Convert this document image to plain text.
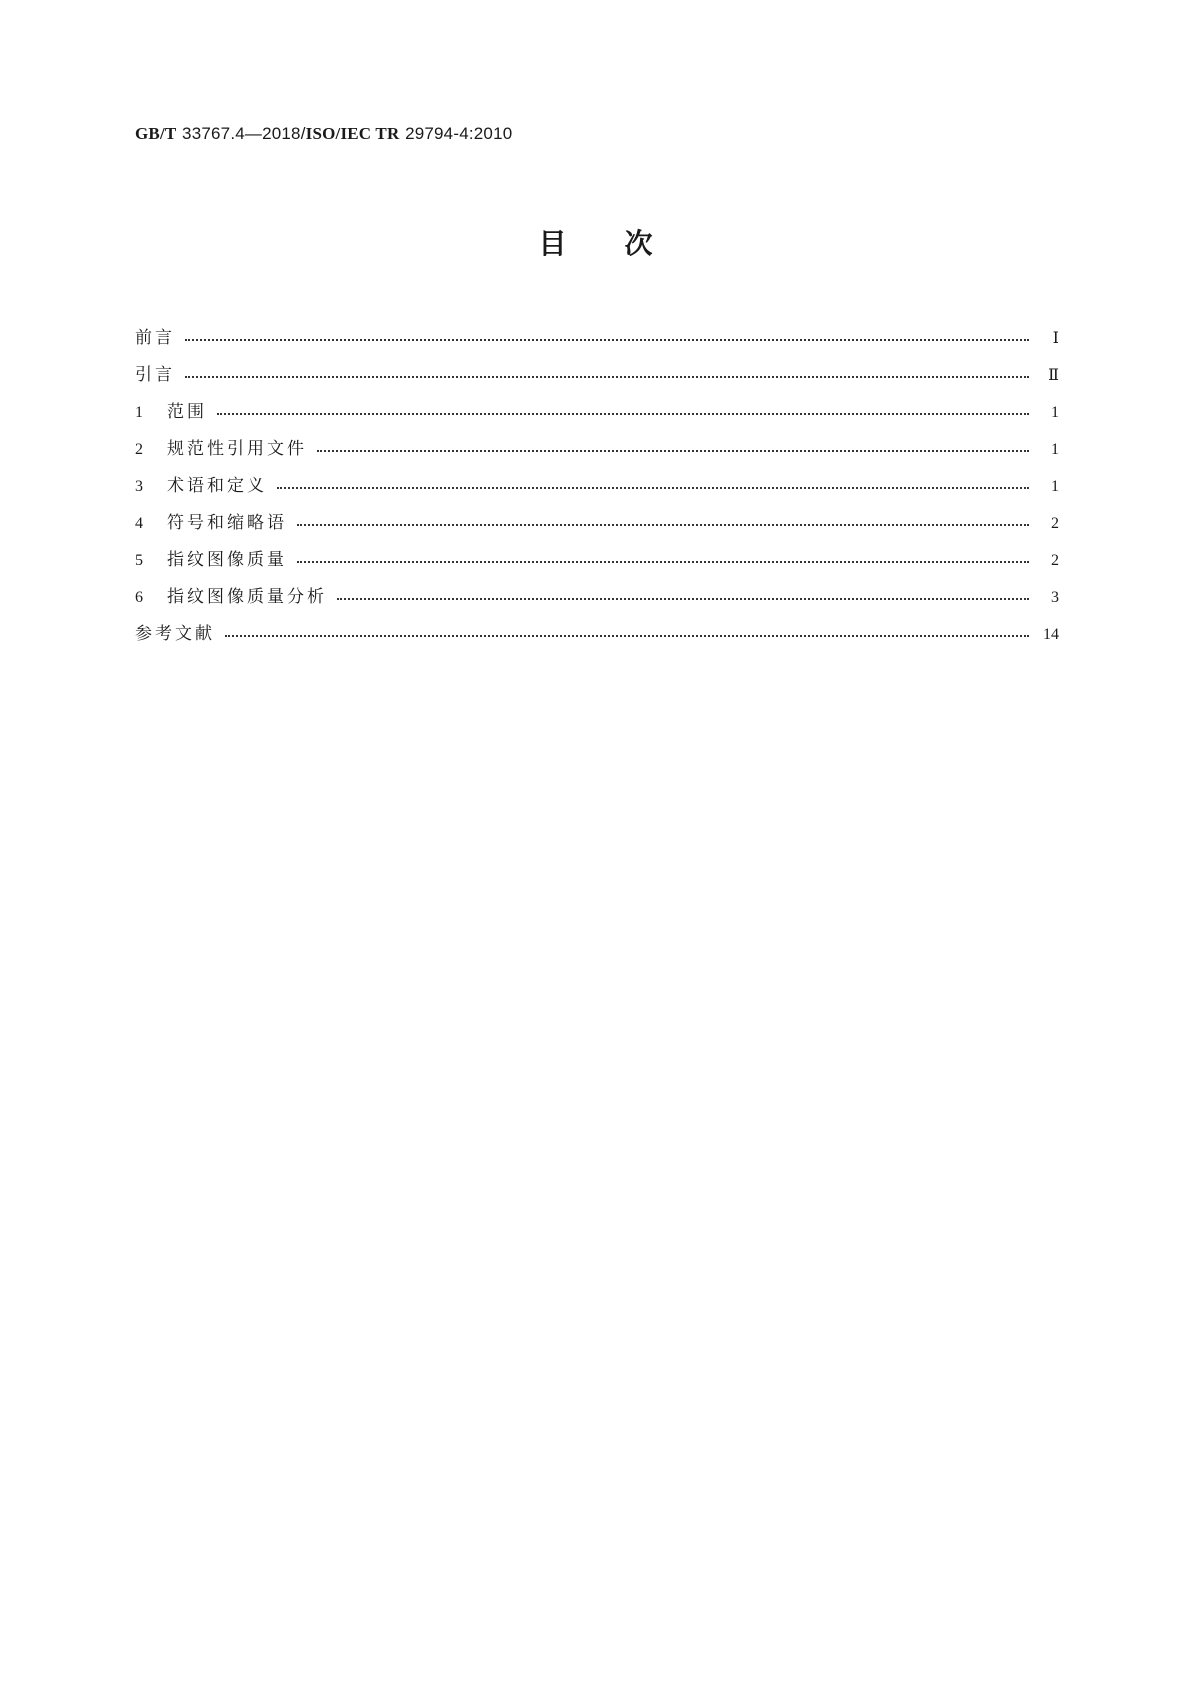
GB/T 33767.4—2018/ISO/IEC TR 29794-4:2010
目次
前言	Ⅰ
引言	Ⅱ
1	范围	1
2	规范性引用文件	1
3	术语和定义	1
4	符号和缩略语	2
5	指纹图像质量	2
6	指纹图像质量分析	3
参考文献	14
